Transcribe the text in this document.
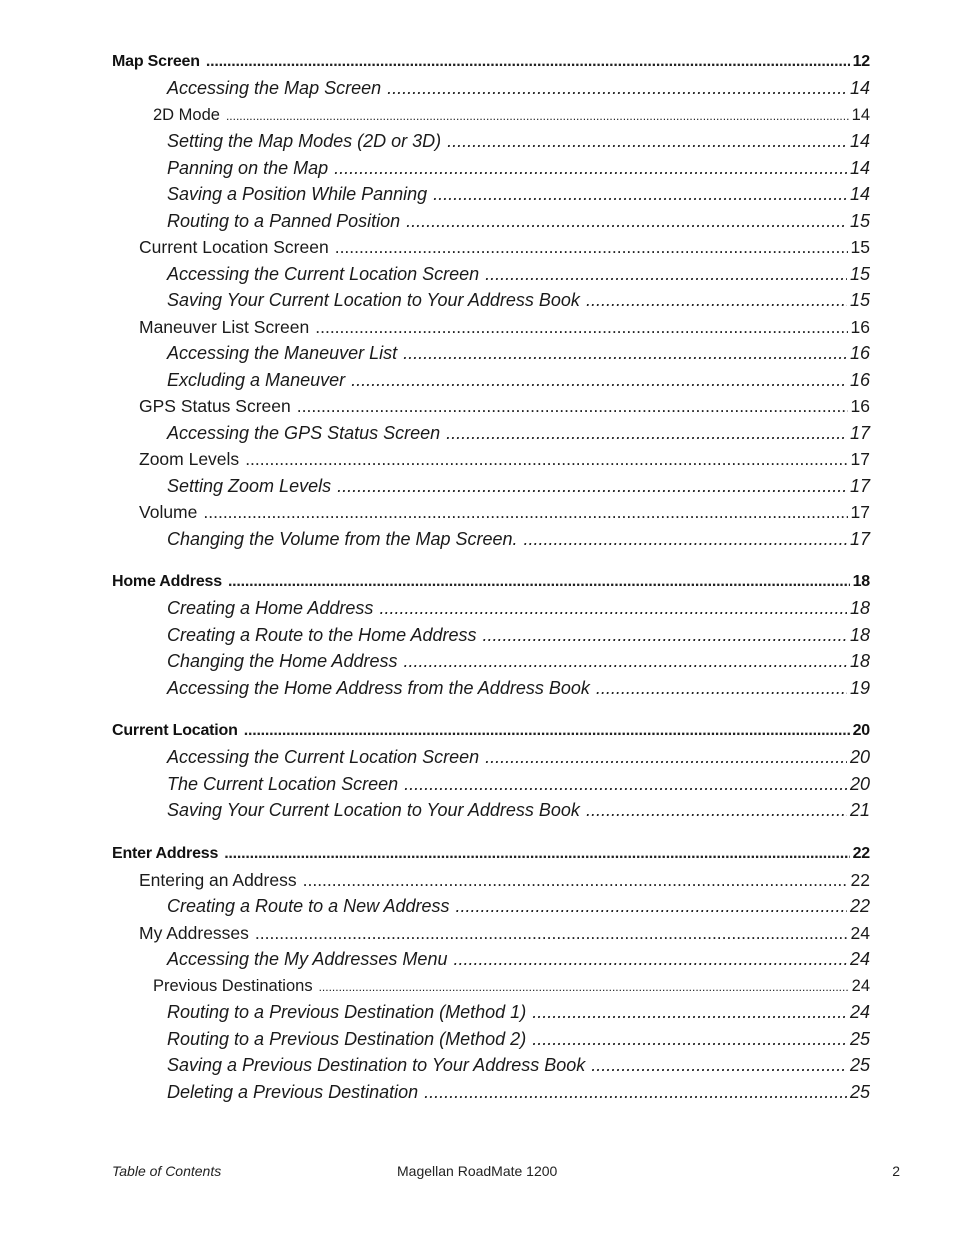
Map Screen .....	12
Accessing the Map Screen .....	14
2D Mode .....	14
Setting the Map Modes (2D or 3D) .....	14
Panning on the Map .....	14
Saving a Position While Panning .....	14
Routing to a Panned Position .....	15
Current Location Screen .....	15
Accessing the Current Location Screen .....	15
Saving Your Current Location to Your Address Book .....	15
Maneuver List Screen .....	16
Accessing the Maneuver List .....	16
Excluding a Maneuver .....	16
GPS Status Screen .....	16
Accessing the GPS Status Screen .....	17
Zoom Levels .....	17
Setting Zoom Levels .....	17
Volume .....	17
Changing the Volume from the Map Screen. .....	17
Home Address .....	18
Creating a Home Address .....	18
Creating a Route to the Home Address .....	18
Changing the Home Address .....	18
Accessing the Home Address from the Address Book .....	19
Current Location .....	20
Accessing the Current Location Screen .....	20
The Current Location Screen .....	20
Saving Your Current Location to Your Address Book .....	21
Enter Address .....	22
Entering an Address .....	22
Creating a Route to a New Address .....	22
My Addresses .....	24
Accessing the My Addresses Menu .....	24
Previous Destinations .....	24
Routing to a Previous Destination (Method 1) .....	24
Routing to a Previous Destination (Method 2) .....	25
Saving a Previous Destination to Your Address Book .....	25
Deleting a Previous Destination .....	25
Table of Contents	Magellan RoadMate 1200	2
